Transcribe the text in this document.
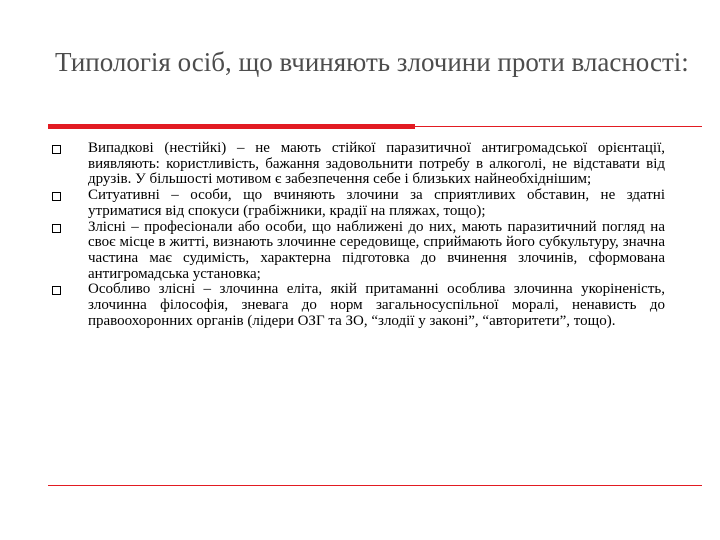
Типологія осіб, що вчиняють злочини проти власності:
Випадкові (нестійкі) – не мають стійкої паразитичної антигромадської орієнтації, виявляють: користливість, бажання задовольнити потребу в алкоголі, не відставати від друзів. У більшості мотивом є забезпечення себе і близьких найнеобхіднішим;
Ситуативні – особи, що вчиняють злочини за сприятливих обставин, не здатні утриматися від спокуси (грабіжники, крадії на пляжах, тощо);
Злісні – професіонали або особи, що наближені до них, мають паразитичний погляд на своє місце в житті, визнають злочинне середовище, сприймають його субкультуру, значна частина має судимість, характерна підготовка до вчинення злочинів, сформована антигромадська установка;
Особливо злісні – злочинна еліта, якій притаманні особлива злочинна укоріненість, злочинна філософія, зневага до норм загальносуспільної моралі, ненависть до правоохоронних органів (лідери ОЗГ та ЗО, “злодії у законі”, “авторитети”, тощо).
